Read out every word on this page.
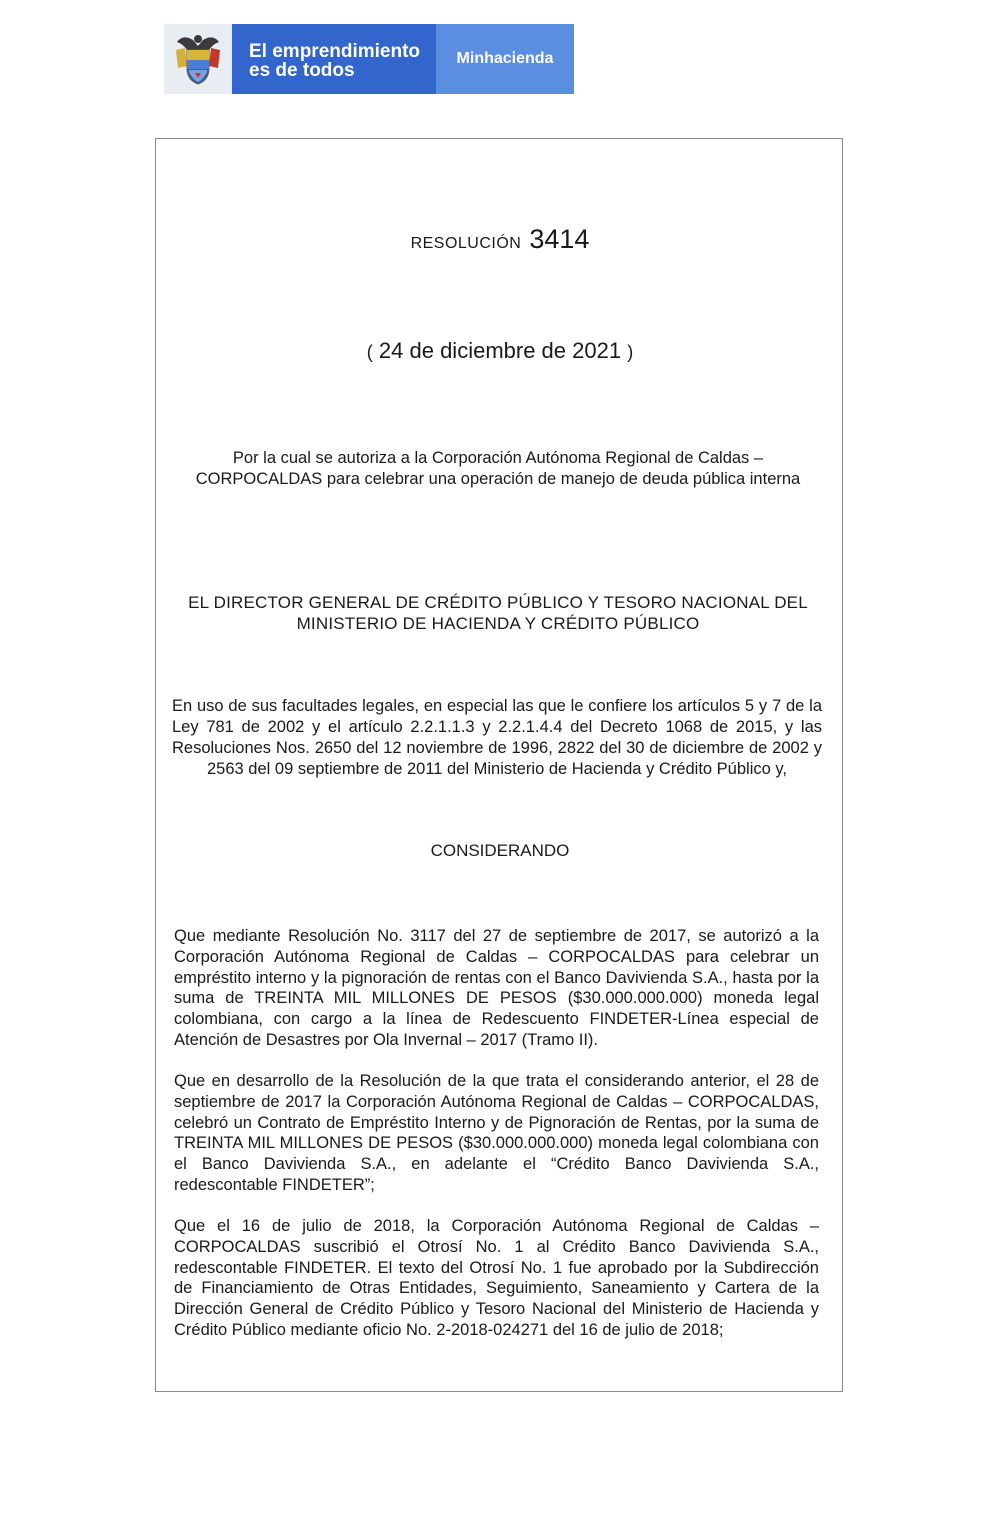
El emprendimiento
es de todos
Minhacienda
RESOLUCIÓN 3414
( 24 de diciembre de 2021 )
Por la cual se autoriza a la Corporación Autónoma Regional de Caldas – CORPOCALDAS para celebrar una operación de manejo de deuda pública interna
EL DIRECTOR GENERAL DE CRÉDITO PÚBLICO Y TESORO NACIONAL DEL MINISTERIO DE HACIENDA Y CRÉDITO PÚBLICO
En uso de sus facultades legales, en especial las que le confiere los artículos 5 y 7 de la Ley 781 de 2002 y el artículo 2.2.1.1.3 y 2.2.1.4.4 del Decreto 1068 de 2015, y las Resoluciones Nos. 2650 del 12 noviembre de 1996, 2822 del 30 de diciembre de 2002 y 2563 del 09 septiembre de 2011 del Ministerio de Hacienda y Crédito Público y,
CONSIDERANDO
Que mediante Resolución No. 3117 del 27 de septiembre de 2017, se autorizó a la Corporación Autónoma Regional de Caldas – CORPOCALDAS para celebrar un empréstito interno y la pignoración de rentas con el Banco Davivienda S.A., hasta por la suma de TREINTA MIL MILLONES DE PESOS ($30.000.000.000) moneda legal colombiana, con cargo a la línea de Redescuento FINDETER-Línea especial de Atención de Desastres por Ola Invernal – 2017 (Tramo II).
Que en desarrollo de la Resolución de la que trata el considerando anterior, el 28 de septiembre de 2017 la Corporación Autónoma Regional de Caldas – CORPOCALDAS, celebró un Contrato de Empréstito Interno y de Pignoración de Rentas, por la suma de TREINTA MIL MILLONES DE PESOS ($30.000.000.000) moneda legal colombiana con el Banco Davivienda S.A., en adelante el “Crédito Banco Davivienda S.A., redescontable FINDETER”;
Que el 16 de julio de 2018, la Corporación Autónoma Regional de Caldas – CORPOCALDAS suscribió el Otrosí No. 1 al Crédito Banco Davivienda S.A., redescontable FINDETER. El texto del Otrosí No. 1 fue aprobado por la Subdirección de Financiamiento de Otras Entidades, Seguimiento, Saneamiento y Cartera de la Dirección General de Crédito Público y Tesoro Nacional del Ministerio de Hacienda y Crédito Público mediante oficio No. 2-2018-024271 del 16 de julio de 2018;
